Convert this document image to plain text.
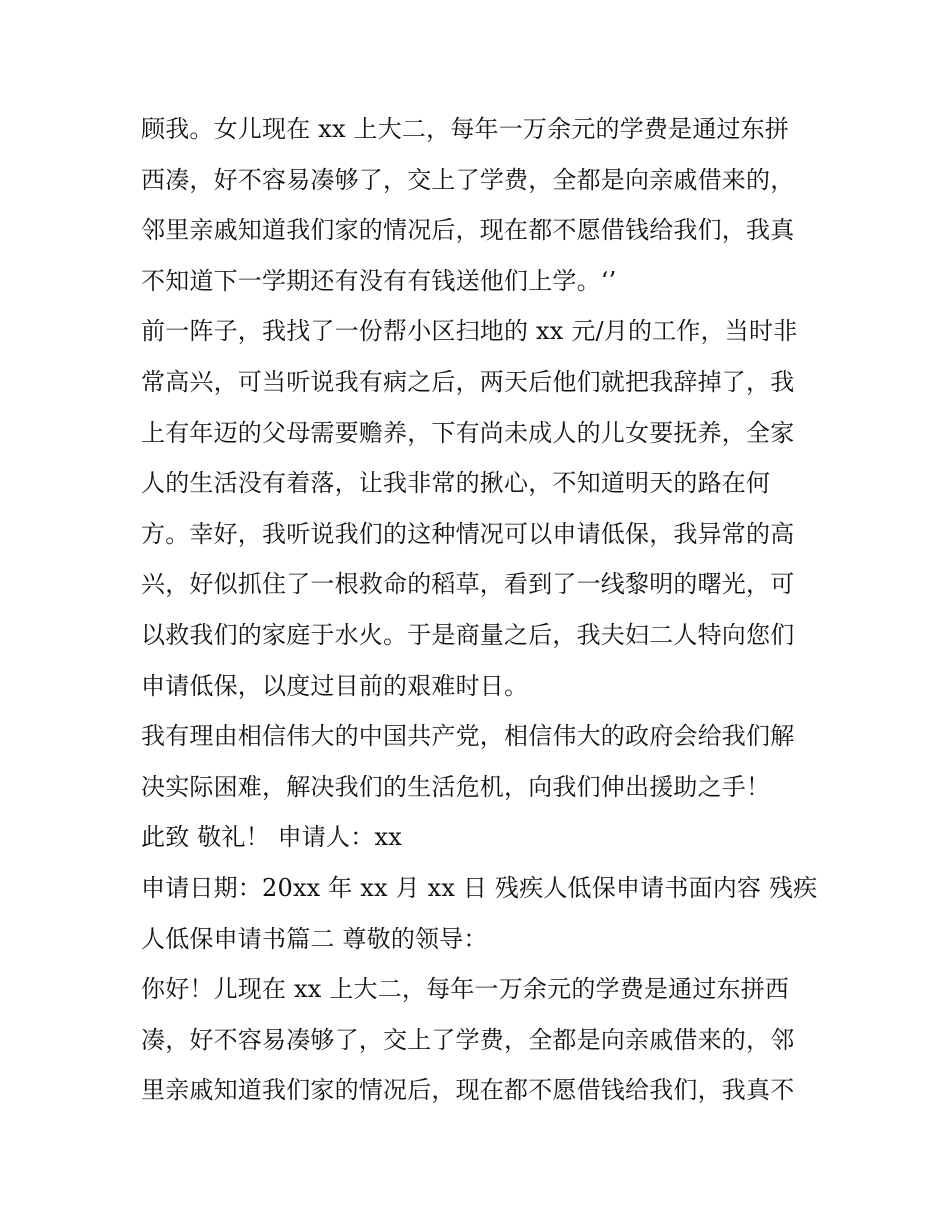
顾我。女儿现在 xx 上大二，每年一万余元的学费是通过东拼
西凑，好不容易凑够了，交上了学费，全都是向亲戚借来的，
邻里亲戚知道我们家的情况后，现在都不愿借钱给我们，我真
不知道下一学期还有没有有钱送他们上学。‘’
前一阵子，我找了一份帮小区扫地的 xx 元/月的工作，当时非
常高兴，可当听说我有病之后，两天后他们就把我辞掉了，我
上有年迈的父母需要赡养，下有尚未成人的儿女要抚养，全家
人的生活没有着落，让我非常的揪心，不知道明天的路在何
方。幸好，我听说我们的这种情况可以申请低保，我异常的高
兴，好似抓住了一根救命的稻草，看到了一线黎明的曙光，可
以救我们的家庭于水火。于是商量之后，我夫妇二人特向您们
申请低保，以度过目前的艰难时日。
我有理由相信伟大的中国共产党，相信伟大的政府会给我们解
决实际困难，解决我们的生活危机，向我们伸出援助之手！
此致 敬礼！ 申请人：xx
申请日期：20xx 年 xx 月 xx 日 残疾人低保申请书面内容 残疾
人低保申请书篇二 尊敬的领导：
你好！儿现在 xx 上大二，每年一万余元的学费是通过东拼西
凑，好不容易凑够了，交上了学费，全都是向亲戚借来的，邻
里亲戚知道我们家的情况后，现在都不愿借钱给我们，我真不
